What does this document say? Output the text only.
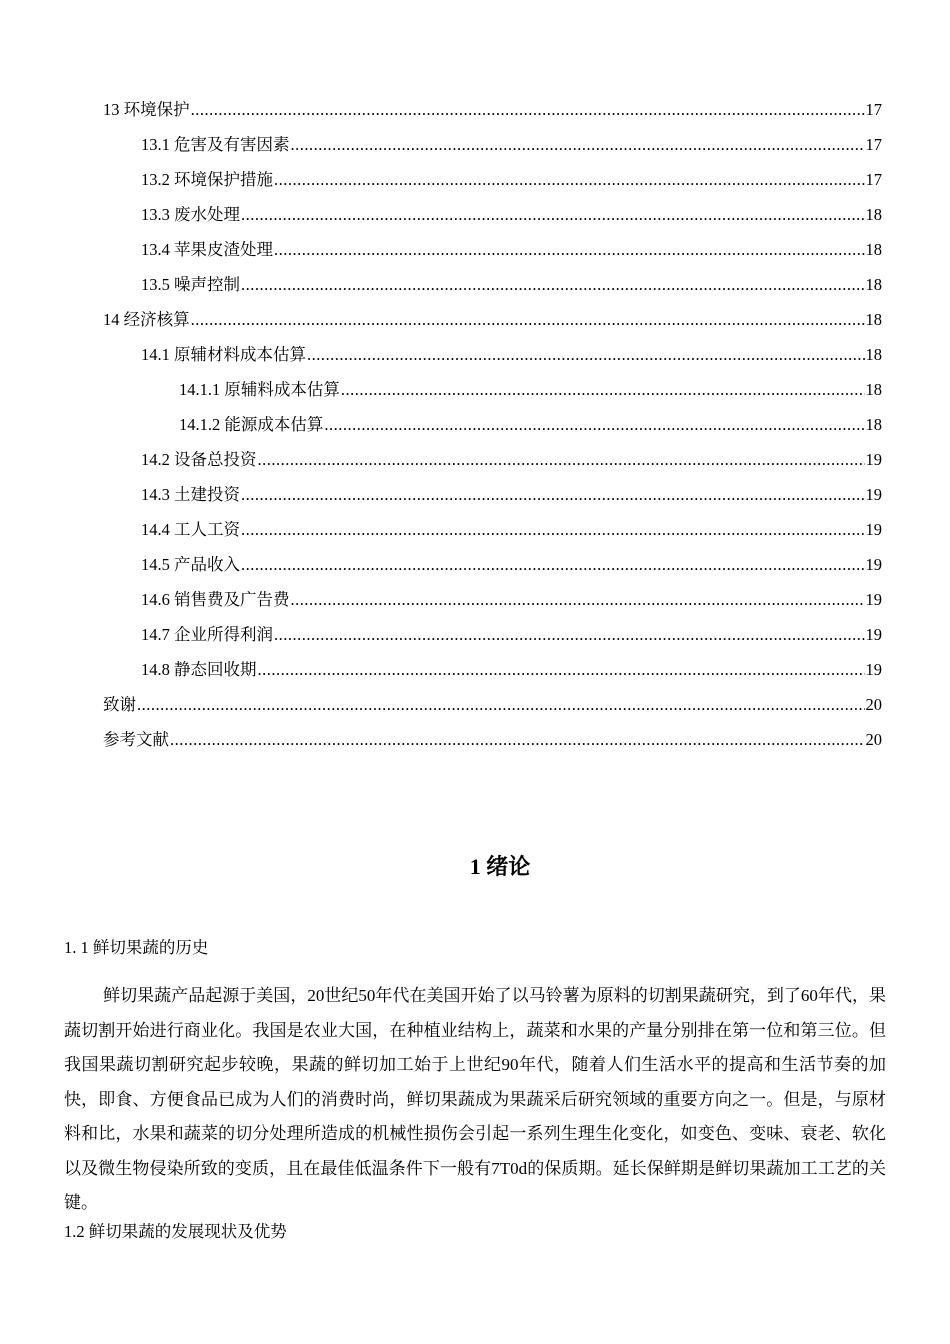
13 环境保护 .....	17
13.1 危害及有害因素 .....	17
13.2 环境保护措施 .....	17
13.3 废水处理 .....	18
13.4 苹果皮渣处理 .....	18
13.5 噪声控制 .....	18
14 经济核算 .....	18
14.1 原辅材料成本估算 .....	18
14.1.1 原辅料成本估算 .....	18
14.1.2 能源成本估算 .....	18
14.2 设备总投资 .....	19
14.3 土建投资 .....	19
14.4 工人工资 .....	19
14.5 产品收入 .....	19
14.6 销售费及广告费 .....	19
14.7 企业所得利润 .....	19
14.8 静态回收期 .....	19
致谢 .....	20
参考文献 .....	20
1 绪论
1. 1 鲜切果蔬的历史
鲜切果蔬产品起源于美国，20世纪50年代在美国开始了以马铃薯为原料的切割果蔬研究，到了60年代，果蔬切割开始进行商业化。我国是农业大国，在种植业结构上，蔬菜和水果的产量分别排在第一位和第三位。但我国果蔬切割研究起步较晚，果蔬的鲜切加工始于上世纪90年代，随着人们生活水平的提高和生活节奏的加快，即食、方便食品已成为人们的消费时尚，鲜切果蔬成为果蔬采后研究领域的重要方向之一。但是，与原材料和比，水果和蔬菜的切分处理所造成的机械性损伤会引起一系列生理生化变化，如变色、变味、衰老、软化以及微生物侵染所致的变质，且在最佳低温条件下一般有7T0d的保质期。延长保鲜期是鲜切果蔬加工工艺的关键。
1.2 鲜切果蔬的发展现状及优势
